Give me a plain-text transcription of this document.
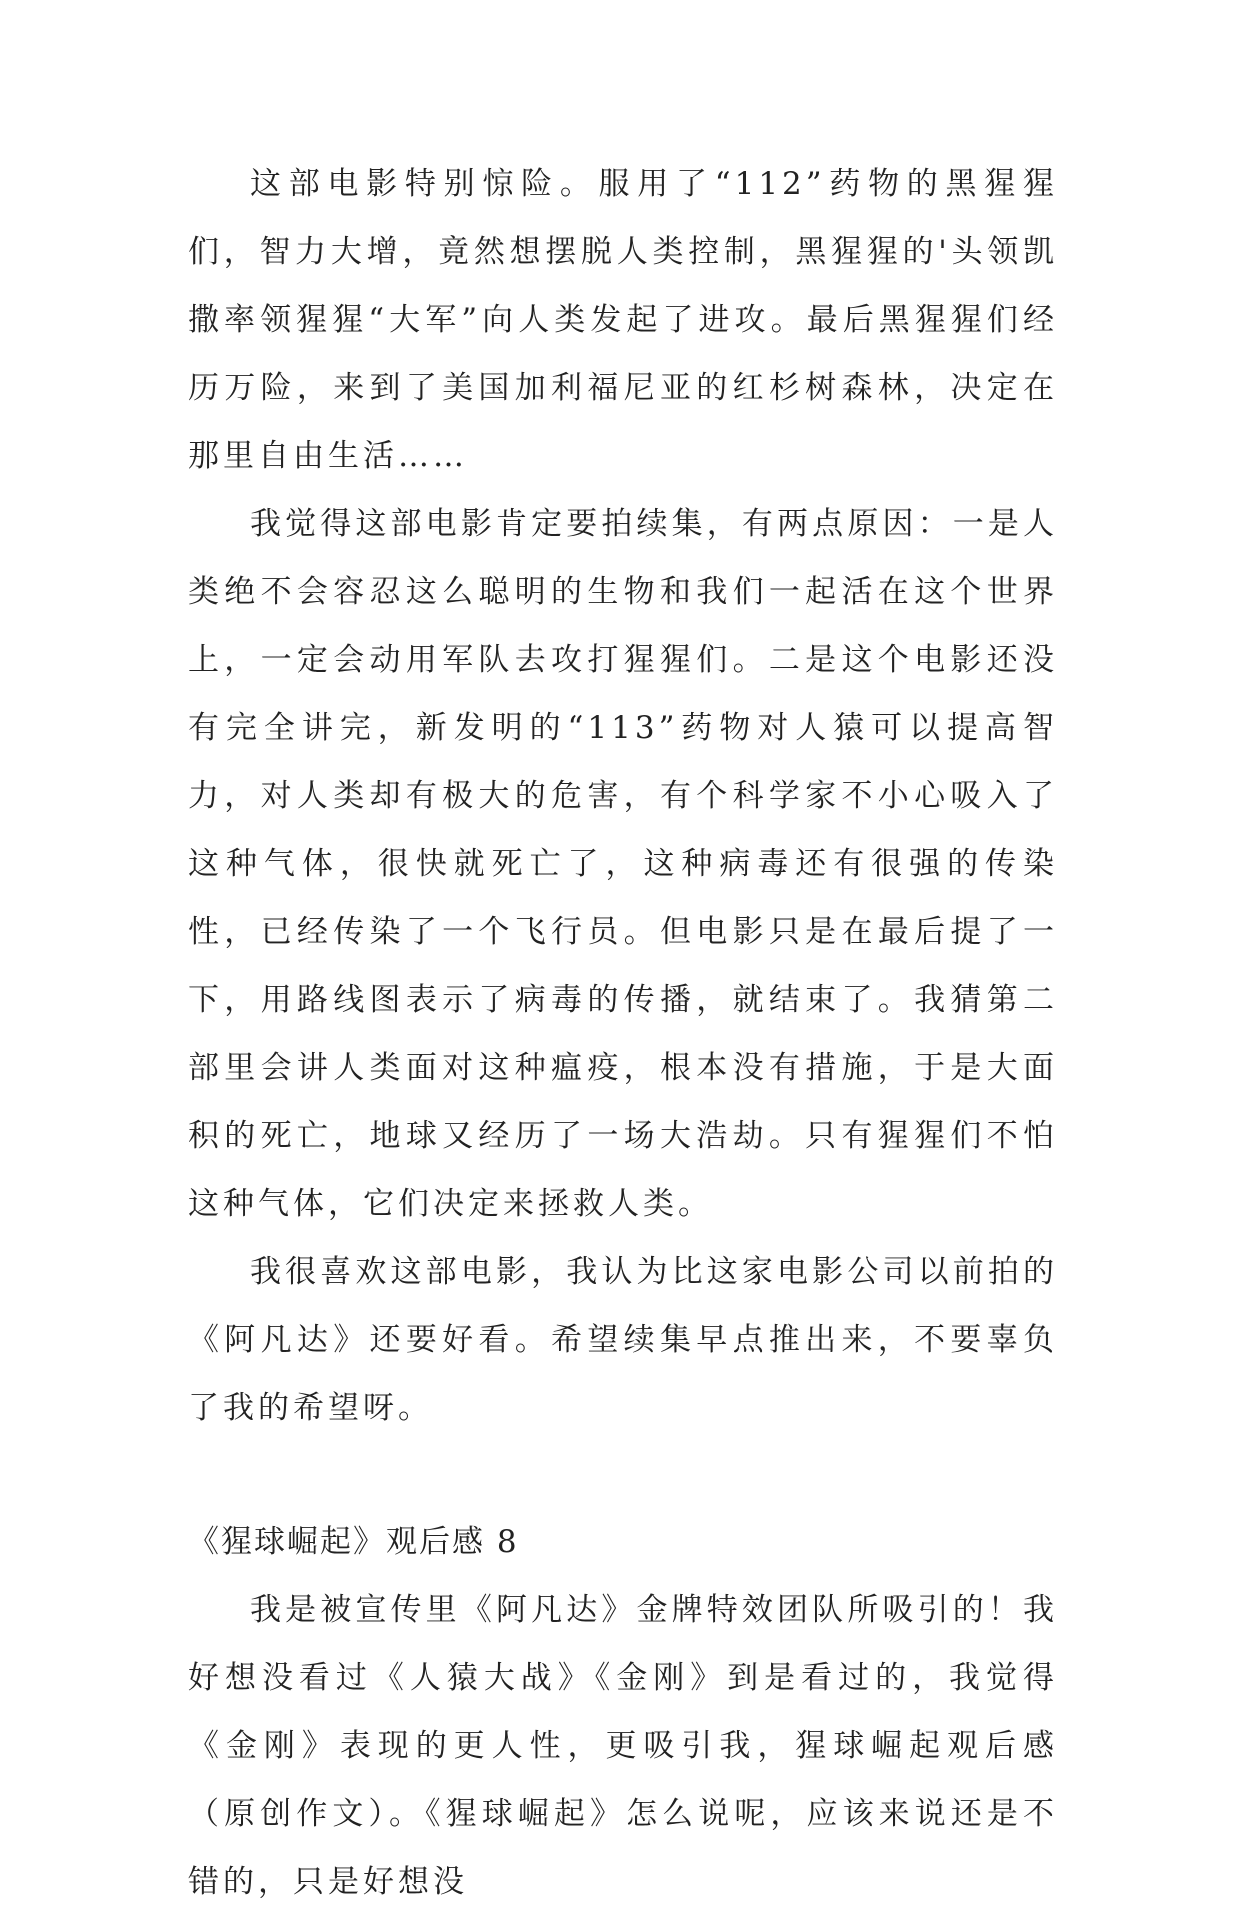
这部电影特别惊险。服用了“112”药物的黑猩猩们，智力大增，竟然想摆脱人类控制，黑猩猩的'头领凯撒率领猩猩“大军”向人类发起了进攻。最后黑猩猩们经历万险，来到了美国加利福尼亚的红杉树森林，决定在那里自由生活……

我觉得这部电影肯定要拍续集，有两点原因：一是人类绝不会容忍这么聪明的生物和我们一起活在这个世界上，一定会动用军队去攻打猩猩们。二是这个电影还没有完全讲完，新发明的“113”药物对人猿可以提高智力，对人类却有极大的危害，有个科学家不小心吸入了这种气体，很快就死亡了，这种病毒还有很强的传染性，已经传染了一个飞行员。但电影只是在最后提了一下，用路线图表示了病毒的传播，就结束了。我猜第二部里会讲人类面对这种瘟疫，根本没有措施，于是大面积的死亡，地球又经历了一场大浩劫。只有猩猩们不怕这种气体，它们决定来拯救人类。

我很喜欢这部电影，我认为比这家电影公司以前拍的《阿凡达》还要好看。希望续集早点推出来，不要辜负了我的希望呀。

《猩球崛起》观后感 8

我是被宣传里《阿凡达》金牌特效团队所吸引的！我好想没看过《人猿大战》《金刚》到是看过的，我觉得《金刚》表现的更人性，更吸引我，猩球崛起观后感（原创作文）。《猩球崛起》怎么说呢，应该来说还是不错的，只是好想没
